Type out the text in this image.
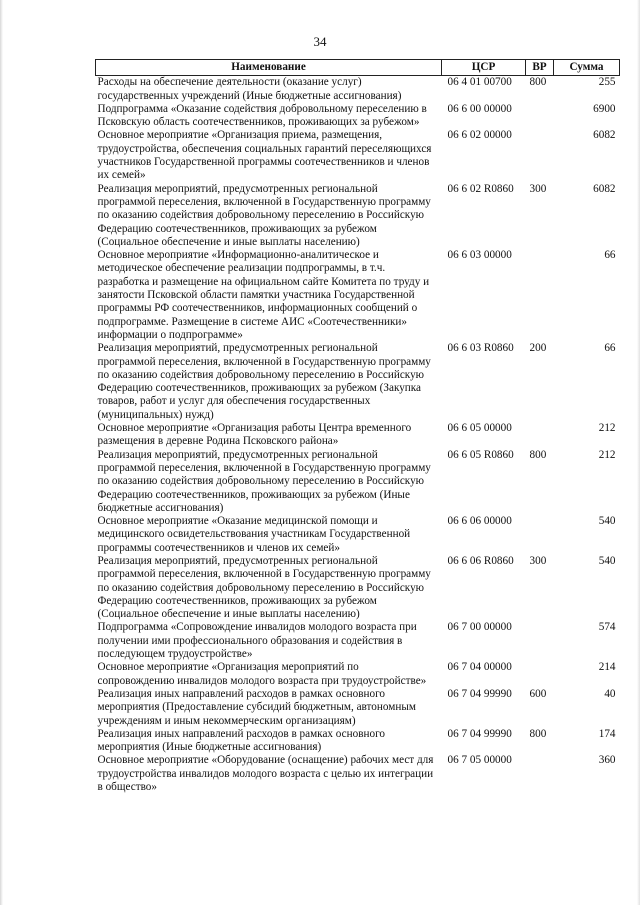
34
Наименование	ЦСР	ВР	Сумма
Расходы на обеспечение деятельности (оказание услуг) государственных учреждений (Иные бюджетные ассигнования)	06 4 01 00700	800	255
Подпрограмма «Оказание содействия добровольному переселению в Псковскую область соотечественников, проживающих за рубежом»	06 6 00 00000		6900
Основное мероприятие «Организация приема, размещения, трудоустройства, обеспечения социальных гарантий переселяющихся участников Государственной программы соотечественников и членов их семей»	06 6 02 00000		6082
Реализация мероприятий, предусмотренных региональной программой переселения, включенной в Государственную программу по оказанию содействия добровольному переселению в Российскую Федерацию соотечественников, проживающих за рубежом (Социальное обеспечение и иные выплаты населению)	06 6 02 R0860	300	6082
Основное мероприятие «Информационно-аналитическое и методическое обеспечение реализации подпрограммы, в т.ч. разработка и размещение на официальном сайте Комитета по труду и занятости Псковской области памятки участника Государственной программы РФ соотечественников, информационных сообщений о подпрограмме. Размещение в системе АИС «Соотечественники» информации о подпрограмме»	06 6 03 00000		66
Реализация мероприятий, предусмотренных региональной программой переселения, включенной в Государственную программу по оказанию содействия добровольному переселению в Российскую Федерацию соотечественников, проживающих за рубежом (Закупка товаров, работ и услуг для обеспечения государственных (муниципальных) нужд)	06 6 03 R0860	200	66
Основное мероприятие «Организация работы Центра временного размещения в деревне Родина Псковского района»	06 6 05 00000		212
Реализация мероприятий, предусмотренных региональной программой переселения, включенной в Государственную программу по оказанию содействия добровольному переселению в Российскую Федерацию соотечественников, проживающих за рубежом (Иные бюджетные ассигнования)	06 6 05 R0860	800	212
Основное мероприятие «Оказание медицинской помощи и медицинского освидетельствования участникам Государственной программы соотечественников и членов их семей»	06 6 06 00000		540
Реализация мероприятий, предусмотренных региональной программой переселения, включенной в Государственную программу по оказанию содействия добровольному переселению в Российскую Федерацию соотечественников, проживающих за рубежом (Социальное обеспечение и иные выплаты населению)	06 6 06 R0860	300	540
Подпрограмма «Сопровождение инвалидов молодого возраста при получении ими профессионального образования и содействия в последующем трудоустройстве»	06 7 00 00000		574
Основное мероприятие «Организация мероприятий по сопровождению инвалидов молодого возраста при трудоустройстве»	06 7 04 00000		214
Реализация иных направлений расходов в рамках основного мероприятия (Предоставление субсидий бюджетным, автономным учреждениям и иным некоммерческим организациям)	06 7 04 99990	600	40
Реализация иных направлений расходов в рамках основного мероприятия (Иные бюджетные ассигнования)	06 7 04 99990	800	174
Основное мероприятие «Оборудование (оснащение) рабочих мест для трудоустройства инвалидов молодого возраста с целью их интеграции в общество»	06 7 05 00000		360
